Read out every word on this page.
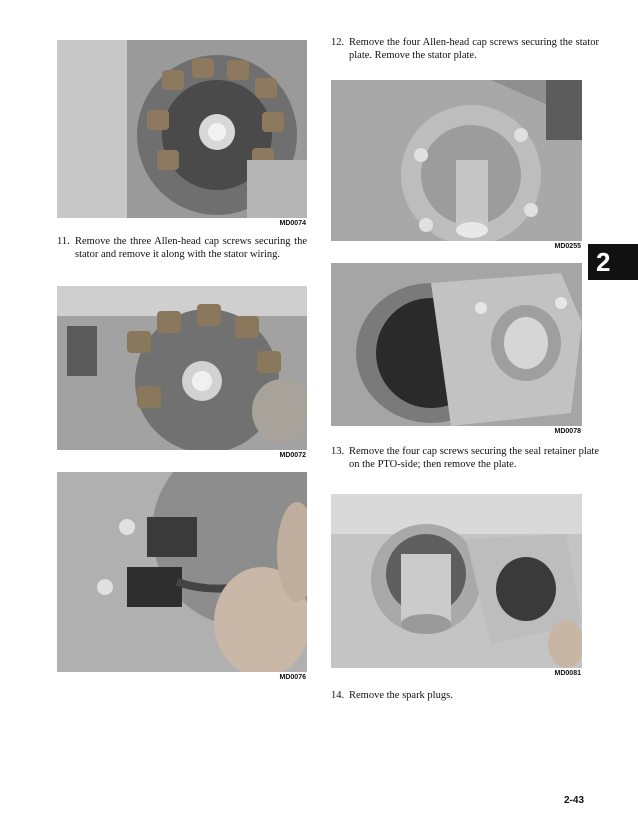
MD0074

11. Remove the three Allen-head cap screws securing the stator and remove it along with the stator wiring.

MD0072
MD0076

12. Remove the four Allen-head cap screws securing the stator plate. Remove the stator plate.

MD0255
MD0078

13. Remove the four cap screws securing the seal retainer plate on the PTO-side; then remove the plate.

MD0081

14. Remove the spark plugs.

2
2-43
